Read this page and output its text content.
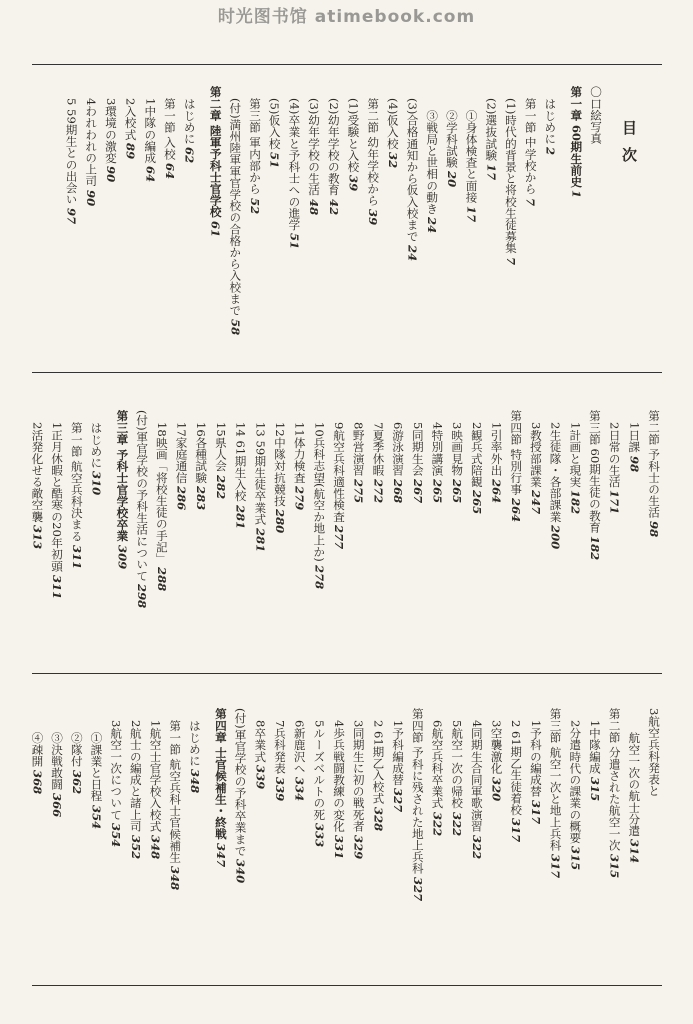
时光图书馆 atimebook.com
目次
〇口絵写真
第一章 60期生前史1
はじめに2
第一節 中学校から7
(1)時代的背景と将校生徒募集7
(2)選抜試験17
①身体検査と面接17
②学科試験20
③戦局と世相の動き24
(3)合格通知から仮入校まで24
(4)仮入校32
第二節 幼年学校から39
(1)受験と入校39
(2)幼年学校の教育42
(3)幼年学校の生活48
(4)卒業と予科士への進学51
(5)仮入校51
第三節 軍内部から52
(付)満州陸軍軍官学校の合格から入校まで58
第二章 陸軍予科士官学校61
はじめに62
第一節 入校64
1中隊の編成64
2入校式89
3環境の激変90
4われわれの上司90
5 59期生との出会い97
第二節 予科士の生活98
1日課98
2日常の生活171
第三節 60期生徒の教育182
1計画と現実182
2生徒隊・各部課業200
3教授部課業247
第四節 特別行事264
1引率外出264
2観兵式陪観265
3映画見物265
4特別講演265
5同期生会267
6游泳演習268
7夏季休暇272
8野営演習275
9航空兵科適性検査277
10兵科志望(航空か地上か)278
11体力検査279
12中隊対抗競技280
13 59期生徒卒業式281
14 61期生入校281
15県人会282
16各種試験283
17家庭通信286
18映画「将校生徒の手記」288
(付)軍官学校の予科生活について298
第三章 予科士官学校卒業309
はじめに310
第一節 航空兵科決まる311
1正月休暇と酷寒の20年初頭311
2活発化せる敵空襲313
3航空兵科発表と
航空一次の航士分遣314
第二節 分遣された航空一次315
1中隊編成315
2分遣時代の課業の概要315
第三節 航空一次と地上兵科317
1予科の編成替317
2 61期乙生徒着校317
3空襲激化320
4同期生合同軍歌演習322
5航空一次の帰校322
6航空兵科卒業式322
第四節 予科に残された地上兵科327
1予科編成替327
2 61期乙入校式328
3同期生に初の戦死者329
4歩兵戦闘教練の変化331
5ルーズベルトの死333
6新鹿沢へ334
7兵科発表339
8卒業式339
(付)軍官学校の予科卒業まで340
第四章 士官候補生・終戦347
はじめに348
第一節 航空兵科士官候補生348
1航空士官学校入校式348
2航士の編成と諸上司352
3航空一次について354
①課業と日程354
②隊付362
③決戦敢闘366
④疎開368
